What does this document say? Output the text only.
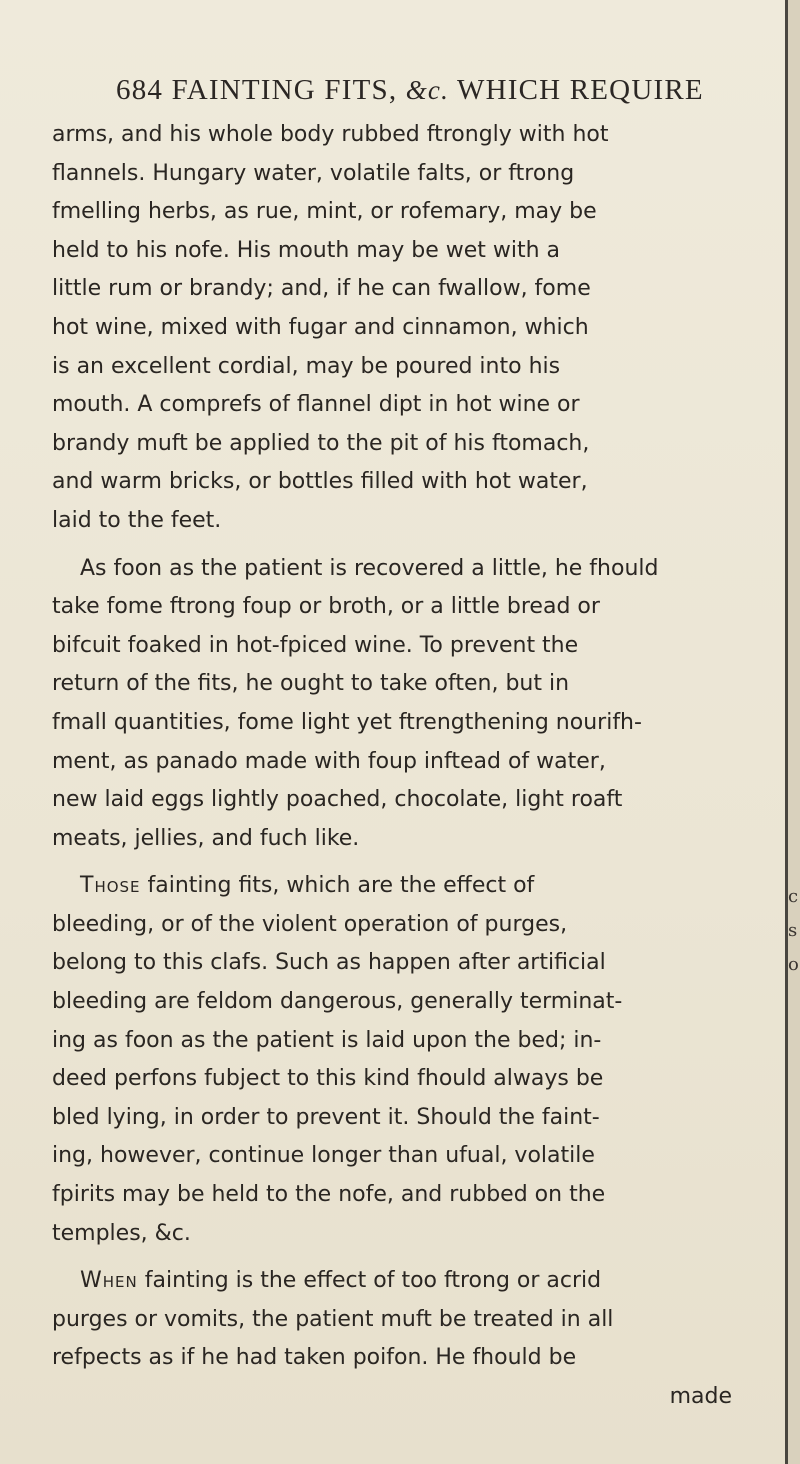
684 FAINTING FITS, &c. WHICH REQUIRE

arms, and his whole body rubbed ftrongly with hot
flannels. Hungary water, volatile falts, or ftrong
fmelling herbs, as rue, mint, or rofemary, may be
held to his nofe. His mouth may be wet with a
little rum or brandy; and, if he can fwallow, fome
hot wine, mixed with fugar and cinnamon, which
is an excellent cordial, may be poured into his
mouth. A comprefs of flannel dipt in hot wine or
brandy muft be applied to the pit of his ftomach,
and warm bricks, or bottles filled with hot water,
laid to the feet.

As foon as the patient is recovered a little, he fhould
take fome ftrong foup or broth, or a little bread or
bifcuit foaked in hot-fpiced wine. To prevent the
return of the fits, he ought to take often, but in
fmall quantities, fome light yet ftrengthening nourifh-
ment, as panado made with foup inftead of water,
new laid eggs lightly poached, chocolate, light roaft
meats, jellies, and fuch like.

Those fainting fits, which are the effect of
bleeding, or of the violent operation of purges,
belong to this clafs. Such as happen after artificial
bleeding are feldom dangerous, generally terminat-
ing as foon as the patient is laid upon the bed; in-
deed perfons fubject to this kind fhould always be
bled lying, in order to prevent it. Should the faint-
ing, however, continue longer than ufual, volatile
fpirits may be held to the nofe, and rubbed on the
temples, &c.

When fainting is the effect of too ftrong or acrid
purges or vomits, the patient muft be treated in all
refpects as if he had taken poifon. He fhould be
made

c
s
o
